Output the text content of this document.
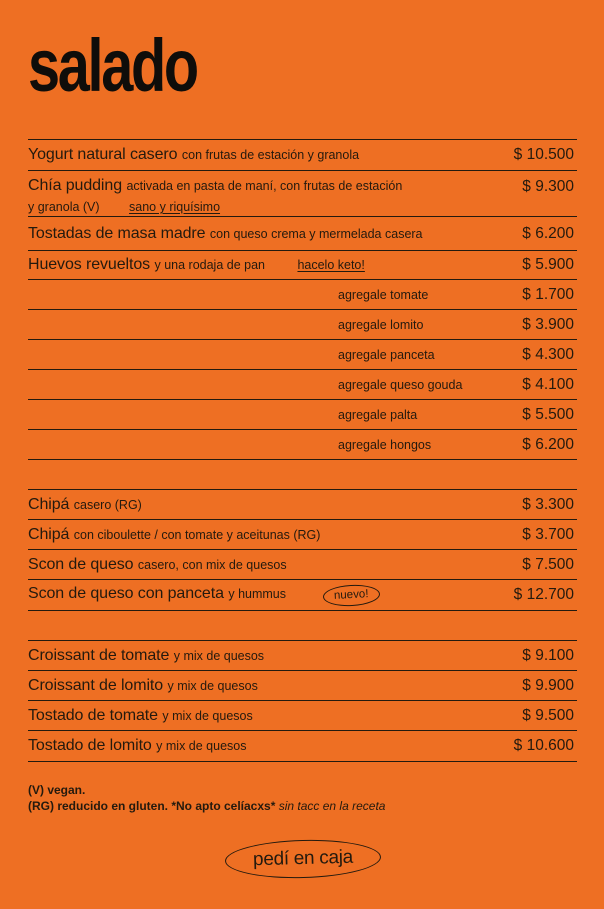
salado
Yogurt natural casero con frutas de estación y granola	$ 10.500
Chía pudding activada en pasta de maní, con frutas de estación
y granola (V) sano y riquísimo
$ 9.300
Tostadas de masa madre con queso crema y mermelada casera	$ 6.200
Huevos revueltos y una rodaja de pan	hacelo keto!	$ 5.900
agregale tomate	$ 1.700
agregale lomito	$ 3.900
agregale panceta	$ 4.300
agregale queso gouda	$ 4.100
agregale palta	$ 5.500
agregale hongos	$ 6.200
Chipá casero (RG)	$ 3.300
Chipá con ciboulette / con tomate y aceitunas (RG)	$ 3.700
Scon de queso casero, con mix de quesos	$ 7.500
Scon de queso con panceta y hummus	nuevo!	$ 12.700
Croissant de tomate y mix de quesos	$ 9.100
Croissant de lomito y mix de quesos	$ 9.900
Tostado de tomate y mix de quesos	$ 9.500
Tostado de lomito y mix de quesos	$ 10.600
(V) vegan.
(RG) reducido en gluten. *No apto celíacxs* sin tacc en la receta
pedí en caja
